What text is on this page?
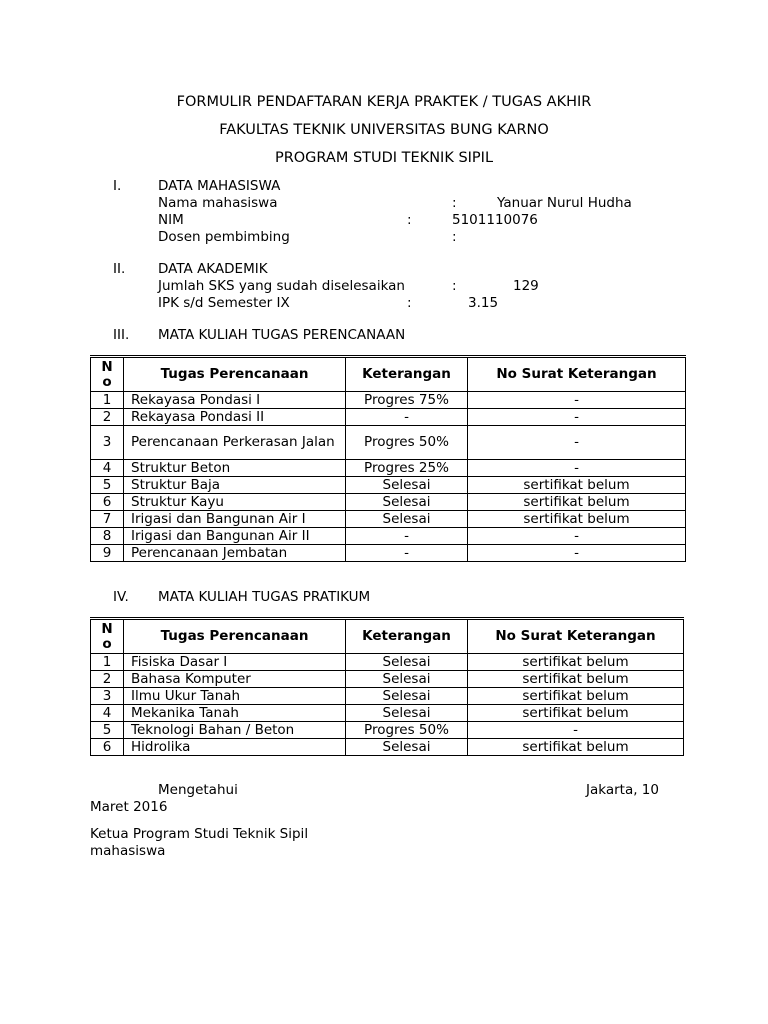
FORMULIR PENDAFTARAN KERJA PRAKTEK / TUGAS AKHIR
FAKULTAS TEKNIK UNIVERSITAS BUNG KARNO
PROGRAM STUDI TEKNIK SIPIL
I.	DATA MAHASISWA
Nama mahasiswa	:	Yanuar Nurul Hudha
NIM	:	5101110076
Dosen pembimbing	:
II. DATA AKADEMIK
Jumlah SKS yang sudah diselesaikan	:	129
IPK s/d Semester IX	:	3.15
III. MATA KULIAH TUGAS PERENCANAAN
No	Tugas Perencanaan	Keterangan	No Surat Keterangan
1	Rekayasa Pondasi I	Progres 75%	-
2	Rekayasa Pondasi II	-	-
3	Perencanaan Perkerasan Jalan	Progres 50%	-
4	Struktur Beton	Progres 25%	-
5	Struktur Baja	Selesai	sertifikat belum
6	Struktur Kayu	Selesai	sertifikat belum
7	Irigasi dan Bangunan Air I	Selesai	sertifikat belum
8	Irigasi dan Bangunan Air II	-	-
9	Perencanaan Jembatan	-	-
IV. MATA KULIAH TUGAS PRATIKUM
No	Tugas Perencanaan	Keterangan	No Surat Keterangan
1	Fisiska Dasar I	Selesai	sertifikat belum
2	Bahasa Komputer	Selesai	sertifikat belum
3	Ilmu Ukur Tanah	Selesai	sertifikat belum
4	Mekanika Tanah	Selesai	sertifikat belum
5	Teknologi Bahan / Beton	Progres 50%	-
6	Hidrolika	Selesai	sertifikat belum
Mengetahui	Jakarta, 10
Maret 2016
Ketua Program Studi Teknik Sipil
mahasiswa
